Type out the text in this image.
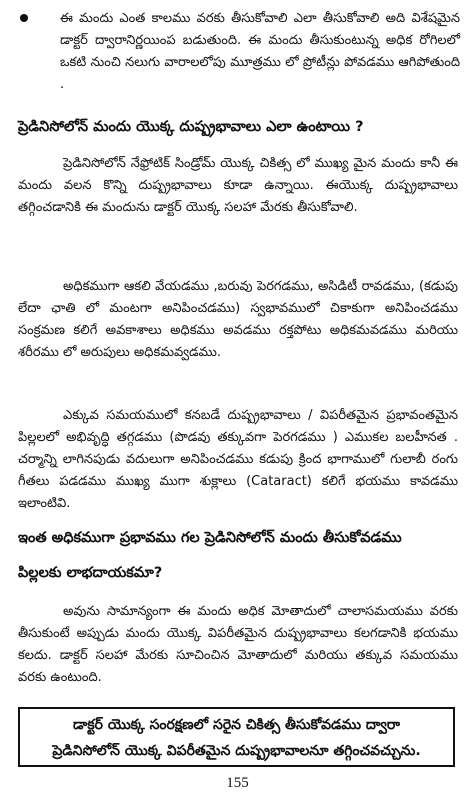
ఈ మందు ఎంత కాలము వరకు తీసుకోవాలి ఎలా తీసుకోవాలి అది విశేషమైన డాక్టర్ ద్వారానిర్ణయింప బడుతుంది. ఈ మందు తీసుకుంటున్న అధిక రోగిలలో ఒకటి నుంచి నలుగు వారాలలోపు మూత్రము లో ప్రోటీన్లు పోవడము ఆగిపోతుంది .
ప్రెడినిసోలోన్ మందు యొక్క దుష్ప్రభావాలు ఎలా ఉంటాయి ?
ప్రెడినిసోలోన్ నేఫ్రోటిక్ సిండ్రోమ్ యొక్క చికిత్స లో ముఖ్య మైన మందు కానీ ఈ మందు వలన కొన్ని దుష్ప్రభావాలు కూడా ఉన్నాయి. ఈయొక్క దుష్ప్రభావాలు తగ్గించడానికి ఈ మందును డాక్టర్ యొక్క సలహా మేరకు తీసుకోవాలి.
అధికముగా ఆకలి వేయడము ,బరువు పెరగడము, అసిడిటీ రావడము, (కడుపు లేదా ఛాతి లో మంటగా అనిపించడము) స్వభావములో చికాకుగా అనిపించడము సంక్రమణ కలిగే అవకాశాలు అధికము అవడము రక్తపోటు అధికమవడము మరియు శరీరము లో అరుపులు అధికమవ్వడము.
ఎక్కువ సమయములో కనబడే దుష్ప్రభావాలు / విపరీతమైన ప్రభావంతమైన పిల్లలలో అభివృద్ధి తగ్గడము (పొడవు తక్కువగా పెరగడము ) ఎముకల బలహీనత . చర్మాన్ని లాగినపుడు వదులుగా అనిపించడము కడుపు క్రింద భాగాములో గులాబీ రంగు గీతలు పడడము ముఖ్య ముగా శుక్లాలు (Cataract) కలిగే భయము కావడము ఇలాంటివి.
ఇంత అధికముగా ప్రభావము గల ప్రెడినిసోలోన్ మందు తీసుకోవడము
పిల్లలకు లాభదాయకమా?
అవును సామాన్యంగా ఈ మందు అధిక మోతాదులో చాలాసమయము వరకు తీసుకుంటే అప్పుడు మందు యొక్క విపరీతమైన దుష్ప్రభావాలు కలగడానికి భయము కలదు. డాక్టర్ సలహా మేరకు సూచించిన మోతాదులో మరియు తక్కువ సమయము వరకు ఉంటుంది.
డాక్టర్ యొక్క సంరక్షణలో సరైన చికిత్స తీసుకోవడము ద్వారా
ప్రెడినిసోలోన్ యొక్క విపరీతమైన దుష్ప్రభావాలనూ తగ్గించవచ్చును.
155
